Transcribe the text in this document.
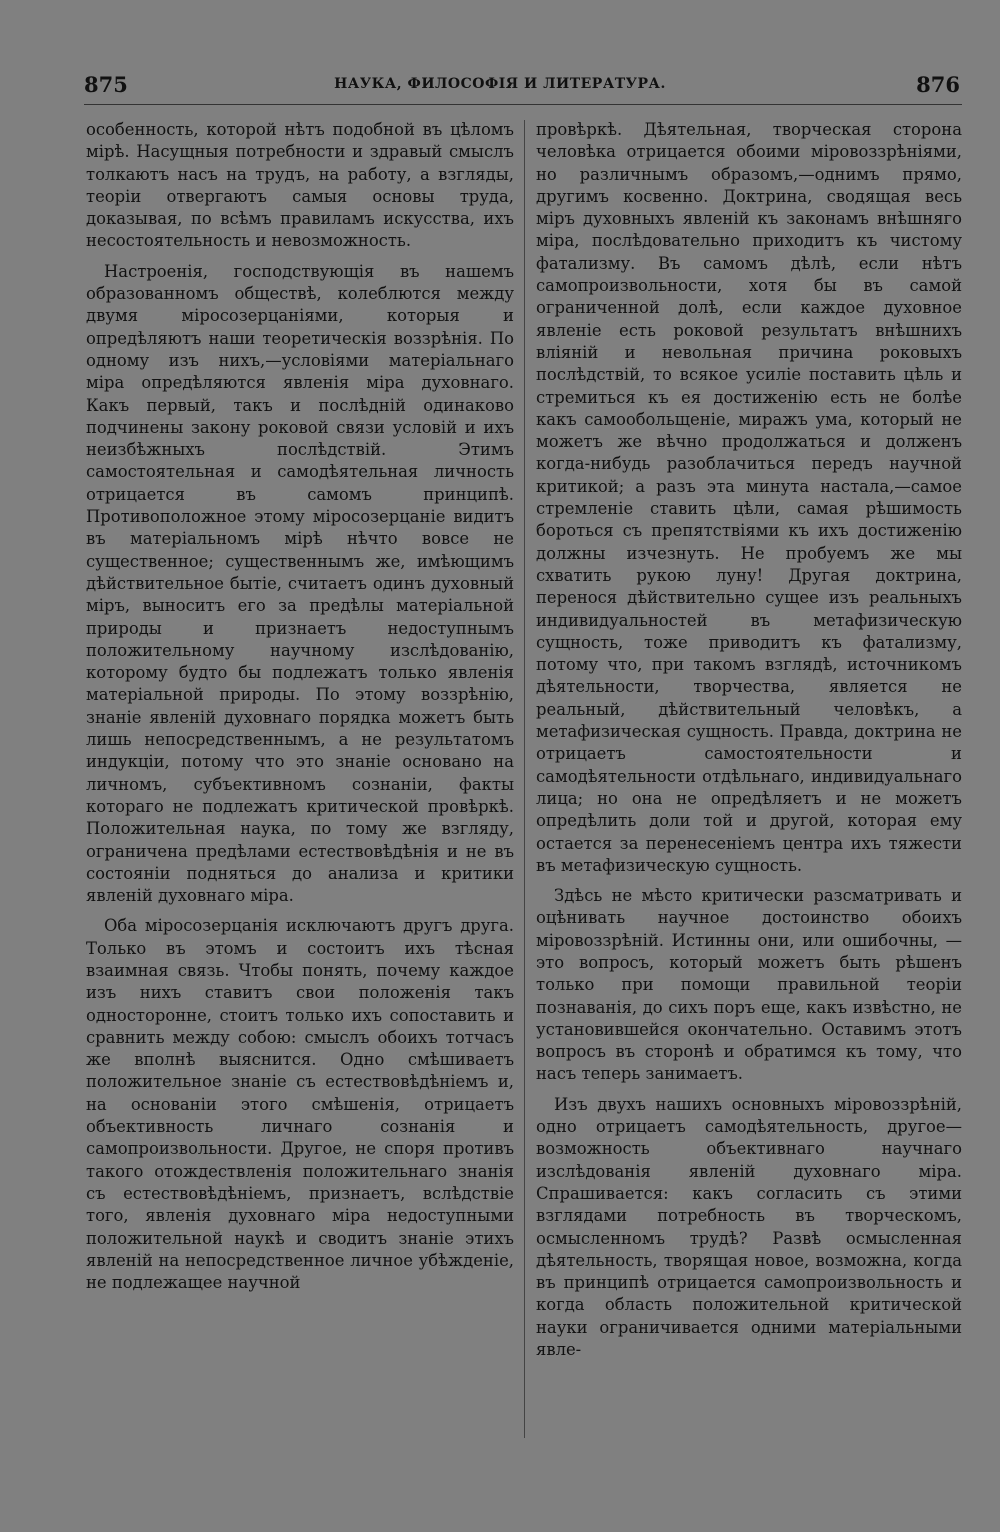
875	НАУКА, ФИЛОСОФІЯ И ЛИТЕРАТУРА.	876

особенность, которой нѣтъ подобной въ цѣломъ мірѣ. Насущныя потребности и здравый смыслъ толкаютъ насъ на трудъ, на работу, а взгляды, теоріи отвергаютъ самыя основы труда, доказывая, по всѣмъ правиламъ искусства, ихъ несостоятельность и невозможность.

Настроенія, господствующія въ нашемъ образованномъ обществѣ, колеблются между двумя міросозерцаніями, которыя и опредѣляютъ наши теоретическія воззрѣнія. По одному изъ нихъ,—условіями матеріальнаго міра опредѣляются явленія міра духовнаго. Какъ первый, такъ и послѣдній одинаково подчинены закону роковой связи условій и ихъ неизбѣжныхъ послѣдствій. Этимъ самостоятельная и самодѣятельная личность отрицается въ самомъ принципѣ. Противоположное этому міросозерцаніе видитъ въ матеріальномъ мірѣ нѣчто вовсе не существенное; существеннымъ же, имѣющимъ дѣйствительное бытіе, считаетъ одинъ духовный міръ, выноситъ его за предѣлы матеріальной природы и признаетъ недоступнымъ положительному научному изслѣдованію, которому будто бы подлежатъ только явленія матеріальной природы. По этому воззрѣнію, знаніе явленій духовнаго порядка можетъ быть лишь непосредственнымъ, а не результатомъ индукціи, потому что это знаніе основано на личномъ, субъективномъ сознаніи, факты котораго не подлежатъ критической провѣркѣ. Положительная наука, по тому же взгляду, ограничена предѣлами естествовѣдѣнія и не въ состояніи подняться до анализа и критики явленій духовнаго міра.

Оба міросозерцанія исключаютъ другъ друга. Только въ этомъ и состоитъ ихъ тѣсная взаимная связь. Чтобы понять, почему каждое изъ нихъ ставитъ свои положенія такъ односторонне, стоитъ только ихъ сопоставить и сравнить между собою: смыслъ обоихъ тотчасъ же вполнѣ выяснится. Одно смѣшиваетъ положительное знаніе съ естествовѣдѣніемъ и, на основаніи этого смѣшенія, отрицаетъ объективность личнаго сознанія и самопроизвольности. Другое, не споря противъ такого отождествленія положительнаго знанія съ естествовѣдѣніемъ, признаетъ, вслѣдствіе того, явленія духовнаго міра недоступными положительной наукѣ и сводитъ знаніе этихъ явленій на непосредственное личное убѣжденіе, не подлежащее научной

провѣркѣ. Дѣятельная, творческая сторона человѣка отрицается обоими міровоззрѣніями, но различнымъ образомъ,—однимъ прямо, другимъ косвенно. Доктрина, сводящая весь міръ духовныхъ явленій къ законамъ внѣшняго міра, послѣдовательно приходитъ къ чистому фатализму. Въ самомъ дѣлѣ, если нѣтъ самопроизвольности, хотя бы въ самой ограниченной долѣ, если каждое духовное явленіе есть роковой результатъ внѣшнихъ вліяній и невольная причина роковыхъ послѣдствій, то всякое усиліе поставить цѣль и стремиться къ ея достиженію есть не болѣе какъ самообольщеніе, миражъ ума, который не можетъ же вѣчно продолжаться и долженъ когда-нибудь разоблачиться передъ научной критикой; а разъ эта минута настала,—самое стремленіе ставить цѣли, самая рѣшимость бороться съ препятствіями къ ихъ достиженію должны изчезнуть. Не пробуемъ же мы схватить рукою луну! Другая доктрина, перенося дѣйствительно сущее изъ реальныхъ индивидуальностей въ метафизическую сущность, тоже приводитъ къ фатализму, потому что, при такомъ взглядѣ, источникомъ дѣятельности, творчества, является не реальный, дѣйствительный человѣкъ, а метафизическая сущность. Правда, доктрина не отрицаетъ самостоятельности и самодѣятельности отдѣльнаго, индивидуальнаго лица; но она не опредѣляетъ и не можетъ опредѣлить доли той и другой, которая ему остается за перенесеніемъ центра ихъ тяжести въ метафизическую сущность.

Здѣсь не мѣсто критически разсматривать и оцѣнивать научное достоинство обоихъ міровоззрѣній. Истинны они, или ошибочны, —это вопросъ, который можетъ быть рѣшенъ только при помощи правильной теоріи познаванія, до сихъ поръ еще, какъ извѣстно, не установившейся окончательно. Оставимъ этотъ вопросъ въ сторонѣ и обратимся къ тому, что насъ теперь занимаетъ.

Изъ двухъ нашихъ основныхъ міровоззрѣній, одно отрицаетъ самодѣятельность, другое—возможность объективнаго научнаго изслѣдованія явленій духовнаго міра. Спрашивается: какъ согласить съ этими взглядами потребность въ творческомъ, осмысленномъ трудѣ? Развѣ осмысленная дѣятельность, творящая новое, возможна, когда въ принципѣ отрицается самопроизвольность и когда область положительной критической науки ограничивается одними матеріальными явле-
